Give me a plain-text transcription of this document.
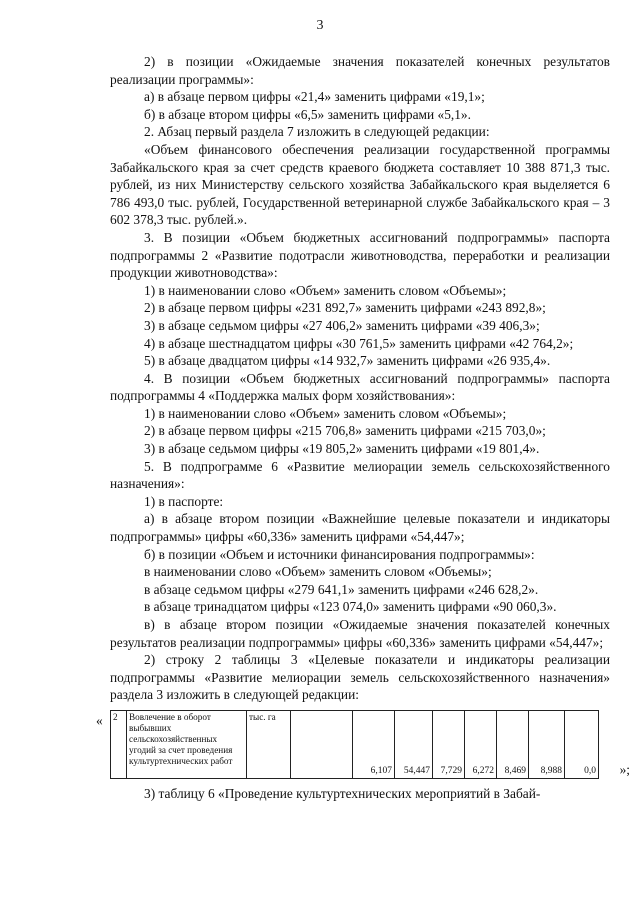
3

2) в позиции «Ожидаемые значения показателей конечных результатов реализации программы»:

а) в абзаце первом цифры «21,4» заменить цифрами «19,1»;

б) в абзаце втором цифры «6,5» заменить цифрами «5,1».

2. Абзац первый раздела 7 изложить в следующей редакции:

«Объем финансового обеспечения реализации государственной программы Забайкальского края за счет средств краевого бюджета составляет 10 388 871,3 тыс. рублей, из них Министерству сельского хозяйства Забайкальского края выделяется 6 786 493,0 тыс. рублей, Государственной ветеринарной службе Забайкальского края – 3 602 378,3 тыс. рублей.».

3. В позиции «Объем бюджетных ассигнований подпрограммы» паспорта подпрограммы 2 «Развитие подотрасли животноводства, переработки и реализации продукции животноводства»:

1) в наименовании слово «Объем» заменить словом «Объемы»;

2) в абзаце первом цифры «231 892,7» заменить цифрами «243 892,8»;

3) в абзаце седьмом цифры «27 406,2» заменить цифрами «39 406,3»;

4) в абзаце шестнадцатом цифры «30 761,5» заменить цифрами «42 764,2»;

5) в абзаце двадцатом цифры «14 932,7» заменить цифрами «26 935,4».

4. В позиции «Объем бюджетных ассигнований подпрограммы» паспорта подпрограммы 4 «Поддержка малых форм хозяйствования»:

1) в наименовании слово «Объем» заменить словом «Объемы»;

2) в абзаце первом цифры «215 706,8» заменить цифрами «215 703,0»;

3) в абзаце седьмом цифры «19 805,2» заменить цифрами «19 801,4».

5. В подпрограмме 6 «Развитие мелиорации земель сельскохозяйственного назначения»:

1) в паспорте:

а) в абзаце втором позиции «Важнейшие целевые показатели и индикаторы подпрограммы» цифры «60,336» заменить цифрами «54,447»;

б) в позиции «Объем и источники финансирования подпрограммы»:

в наименовании слово «Объем» заменить словом «Объемы»;

в абзаце седьмом цифры «279 641,1» заменить цифрами «246 628,2».

в абзаце тринадцатом цифры «123 074,0» заменить цифрами «90 060,3».

в) в абзаце втором позиции «Ожидаемые значения показателей конечных результатов реализации подпрограммы» цифры «60,336» заменить цифрами «54,447»;

2) строку 2 таблицы 3 «Целевые показатели и индикаторы реализации подпрограммы «Развитие мелиорации земель сельскохозяйственного назначения» раздела 3 изложить в следующей редакции:

« 2	Вовлечение в оборот выбывших сельскохозяйственных угодий за счет проведения культуртехнических работ	тыс. га		6,107	54,447	7,729	6,272	8,469	8,988	0,0 »;

3) таблицу 6 «Проведение культуртехнических мероприятий в Забай-
